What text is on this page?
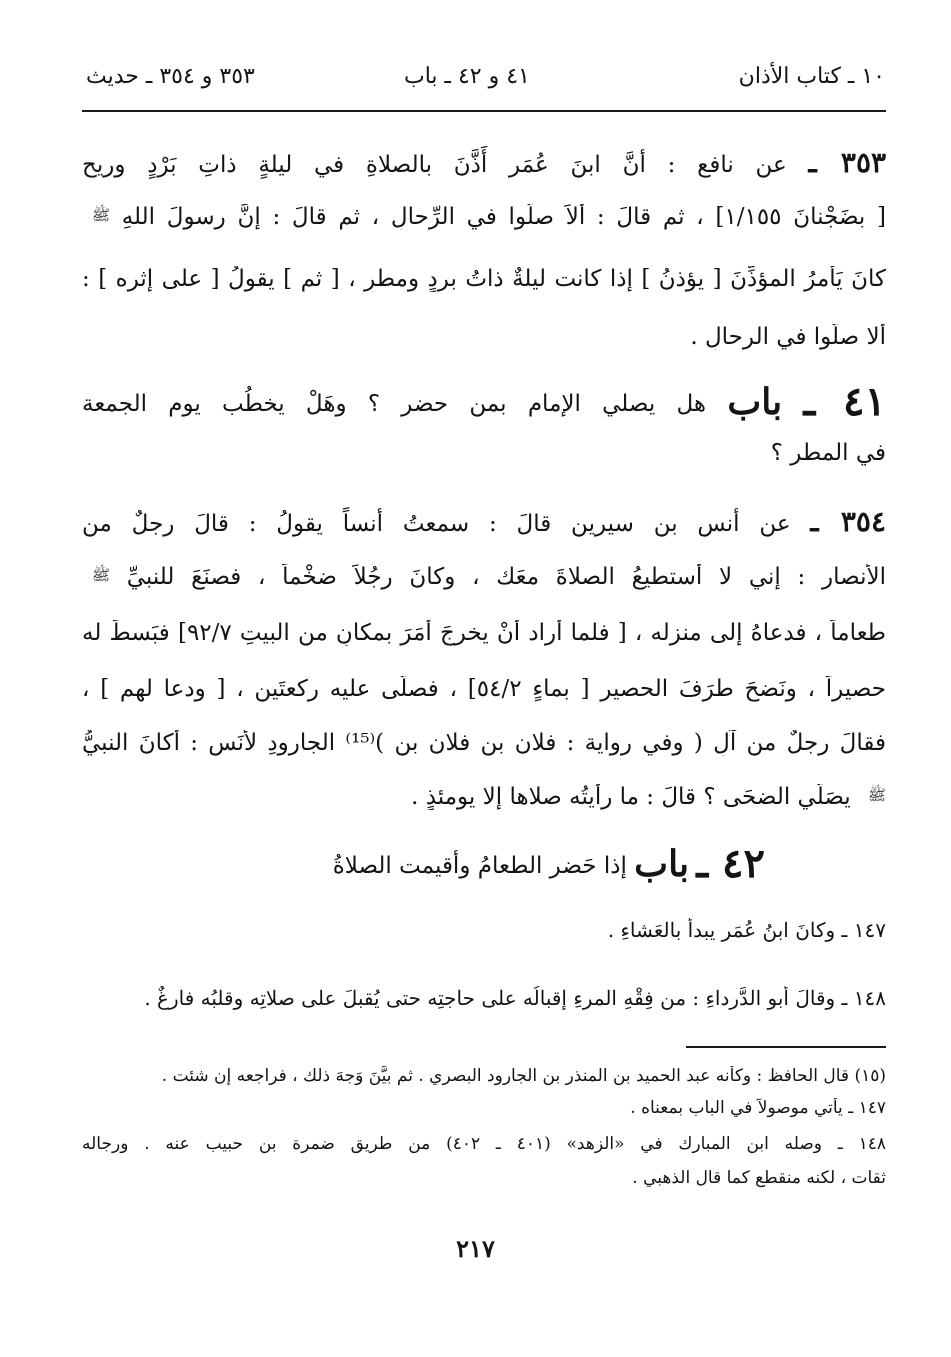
١٠ ـ كتاب الأذان
٤١ و ٤٢ ـ باب
٣٥٣ و ٣٥٤ ـ حديث
٣٥٣ ـ عن نافع : أنَّ ابنَ عُمَر أَذَّنَ بالصلاةِ في ليلةٍ ذاتِ بَرْدٍ وريحٍ
[ بضَجْنانَ ١/١٥٥] ، ثم قالَ : ألاَ صلُّوا في الرِّحالِ ، ثم قالَ : إنَّ رسولَ اللهِ ﷺ
كانَ يَأمرُ المؤذِّنَ [ يؤذنُ ] إذا كانت ليلةٌ ذاتُ بردٍ ومطرٍ ، [ ثم ] يقولُ [ على إثرِه ] :
ألا صلُّوا في الرحالِ .
٤١ ـ باب هل يصلي الإمام بمن حضر ؟ وهَلْ يخطُب يوم الجمعة
في المطر ؟
٣٥٤ ـ عن أنسِ بن سيرين قالَ : سمعتُ أنساً يقولُ : قالَ رجلٌ من
الأنصار : إني لا أستطيعُ الصلاةَ معَك ، وكانَ رجُلاً ضخْماً ، فصنَعَ للنبيِّ ﷺ
طعاماً ، فدعاهُ إلى منزله ، [ فلما أراد أنْ يخرجَ أمَرَ بمكانٍ من البيتِ ٩٢/٧] فبَسطَ له
حصيراً ، ونَضحَ طرَفَ الحصيرِ [ بماءٍ ٥٤/٢] ، فصلَّى عليه ركعتَين ، [ ودعا لهم ] ،
فقالَ رجلٌ من آلِ ( وفي رواية : فلان بن فلان بن )⁽¹⁵⁾ الجارودِ لأنَسٍ : أكانَ النبيُّ
ﷺ يصَلّي الضحَى ؟ قالَ : ما رأيتُه صلاها إلا يومئذٍ .
٤٢ ـ باب إذا حَضر الطعامُ وأقيمت الصلاةُ
١٤٧ ـ وكانَ ابنُ عُمَر يبدأُ بالعَشاءِ .
١٤٨ ـ وقالَ أبو الدَّرداءِ : من فِقْهِ المرءِ إقبالُه على حاجتِه حتى يُقبلَ على صلاتِه وقلبُه فارغٌ .
(١٥) قال الحافظ : وكأنه عبد الحميد بن المنذر بن الجارود البصري . ثم بيَّنَ وَجهَ ذلك ، فراجعه إن شئت .
١٤٧ ـ يأتي موصولاً في الباب بمعناه .
١٤٨ ـ وصله ابن المبارك في «الزهد» (٤٠١ ـ ٤٠٢) من طريق ضمرة بن حبيب عنه . ورجاله
ثقات ، لكنه منقطع كما قال الذهبي .
٢١٧
